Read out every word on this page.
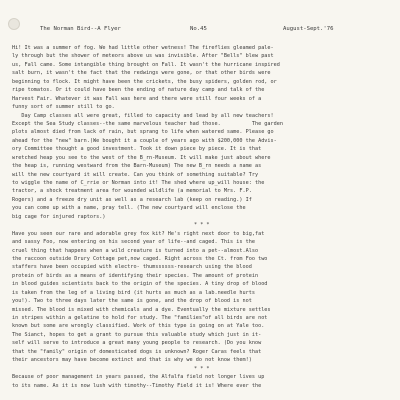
The Norman Bird--A Flyer	No.45	August-Sept.'76
Hi! It was a summer of fog. We had little other wetness! The fireflies gleamed pale-
ly through but the shower of meteors above us was invisible. After "Bells" blew past
us, Fall came. Some intangible thing brought on Fall. It wasn't the hurricane inspired
salt burn, it wasn't the fact that the redwings were gone, or that other birds were
beginning to flock. It might have been the crickets, the busy spiders, golden rod, or
ripe tomatos. Or it could have been the ending of nature day camp and talk of the
Harvest Fair. Whatever it was Fall was here and there were still four weeks of a
funny sort of summer still to go.
Day Camp classes all were great, filled to capacity and lead by all new teachers!
Except the Sea Study classes--the same marvelous teacher had those.          The garden
plots almost died from lack of rain, but sprang to life when watered same. Please go
ahead for the "new" barn.(We bought it a couple of years ago with $200,000 the Advis-
ory Committee thought a good investment. Took it down piece by piece. It is that
wretched heap you see to the west of the B_rn-Museum. It will make just about where
the heap is, running westward from the Barn-Museum) The new B_rn needs a name as
will the new courtyard it will create. Can you think of something suitable? Try
to wiggle the name of C_rrie or Norman into it! The shed where up_will house: the
tractor, a shock treatment area for wounded wildlife (a memorial to Mrs. F.P.
Rogers) and a freeze dry unit as well as a research lab (keep on reading.) If
you can come up with a name, pray tell. (The new courtyard will enclose the
big cage for injured raptors.)
* * *
Have you seen our rare and adorable grey fox kit? He's right next door to big,fat
and sassy Foo, now entering on his second year of life--and caged. This is the
cruel thing that happens when a wild creature is turned into a pet--almost.Also
the raccoon outside Drury Cottage pet,now caged. Right across the Ct. from Foo two
staffers have been occupied with electro- thumssssss-research using the blood
protein of birds as a means of identifying their species. The amount of protein
in blood guides scientists back to the origin of the species. A tiny drop of blood
is taken from the leg of a living bird (it hurts as much as a lab.needle hurts
you!). Two to three days later the same is gone, and the drop of blood is not
missed. The blood is mixed with chemicals and a dye. Eventually the mixture settles
in stripes within a gelatine to hold for study. The "families"of all birds are not
known but some are wrongly classified. Work of this type is going on at Yale too.
The Sianct, hopes to get a grant to pursue this valuable study which just in it-
self will serve to introduce a great many young people to research. (Do you know
that the "family" origin of domesticated dogs is unknown? Roger Caras feels that
their ancestors may have become extinct and that is why we do not know them!)
* * *
Because of poor management in years passed, the Alfalfa field not longer lives up
to its name. As it is now lush with timothy--Timothy Field it is! Where ever the
